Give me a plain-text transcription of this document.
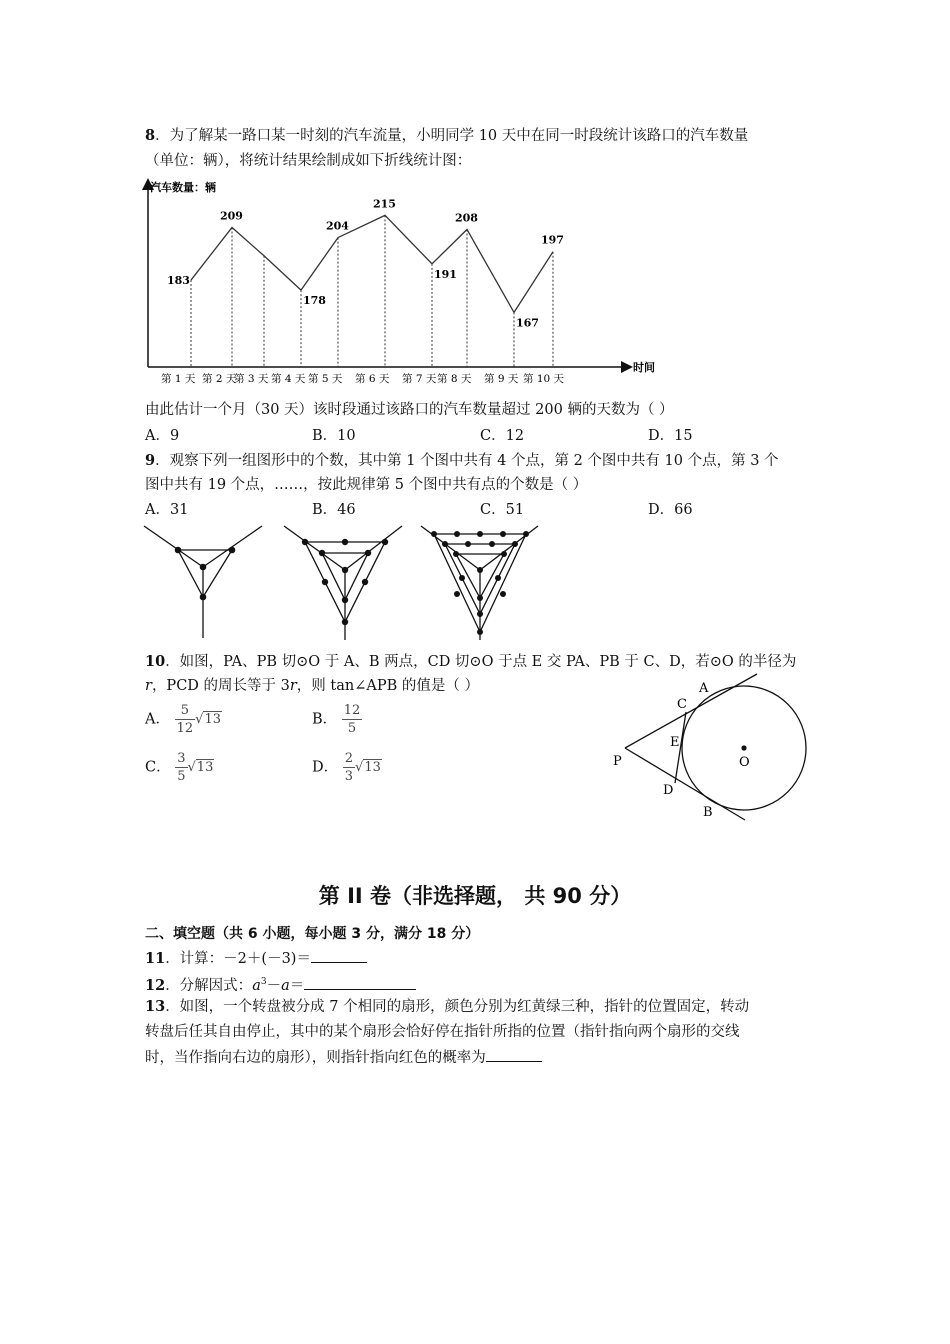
8．为了解某一路口某一时刻的汽车流量，小明同学 10 天中在同一时段统计该路口的汽车数量
（单位：辆），将统计结果绘制成如下折线统计图：
汽车数量：辆
时间
183
209
178
204
215
191
208
167
197
第 1 天 第 2 天
第 3 天 第 4 天 第 5 天 第 6 天 第 7 天 第 8 天 第 9 天 第 10 天
由此估计一个月（30 天）该时段通过该路口的汽车数量超过 200 辆的天数为（ ）
A．9	B．10	C．12	D．15
9．观察下列一组图形中的个数，其中第 1 个图中共有 4 个点，第 2 个图中共有 10 个点，第 3 个
图中共有 19 个点，……，按此规律第 5 个图中共有点的个数是（ ）
A．31	B．46	C．51	D．66
10．如图，PA、PB 切⊙O 于 A、B 两点，CD 切⊙O 于点 E 交 PA、PB 于 C、D，若⊙O 的半径为
r，PCD 的周长等于 3r，则 tan∠APB 的值是（ ）
A． $\frac{5}{12} √13$	B． $\frac{12}{5}$
C． $\frac{3}{5} √13$	D． $\frac{2}{3} √13$
A
C
E
P	O
D
B
第 II 卷（非选择题， 共 90 分）
二、填空题（共 6 小题，每小题 3 分，满分 18 分）
11．计算：－2＋(－3)＝
12．分解因式：$a^3-a=$
13．如图，一个转盘被分成 7 个相同的扇形，颜色分别为红黄绿三种，指针的位置固定，转动
转盘后任其自由停止，其中的某个扇形会恰好停在指针所指的位置（指针指向两个扇形的交线
时，当作指向右边的扇形），则指针指向红色的概率为
